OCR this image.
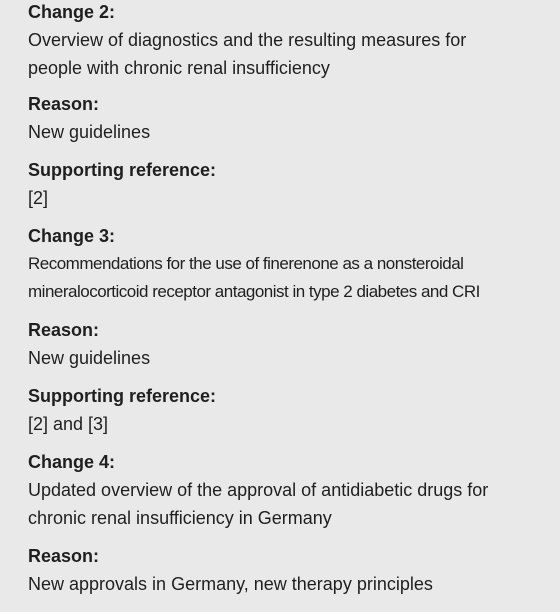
Change 2:
Overview of diagnostics and the resulting measures for
people with chronic renal insufficiency
Reason:
New guidelines
Supporting reference:
[2]
Change 3:
Recommendations for the use of finerenone as a nonsteroidal
mineralocorticoid receptor antagonist in type 2 diabetes and CRI
Reason:
New guidelines
Supporting reference:
[2] and [3]
Change 4:
Updated overview of the approval of antidiabetic drugs for
chronic renal insufficiency in Germany
Reason:
New approvals in Germany, new therapy principles
